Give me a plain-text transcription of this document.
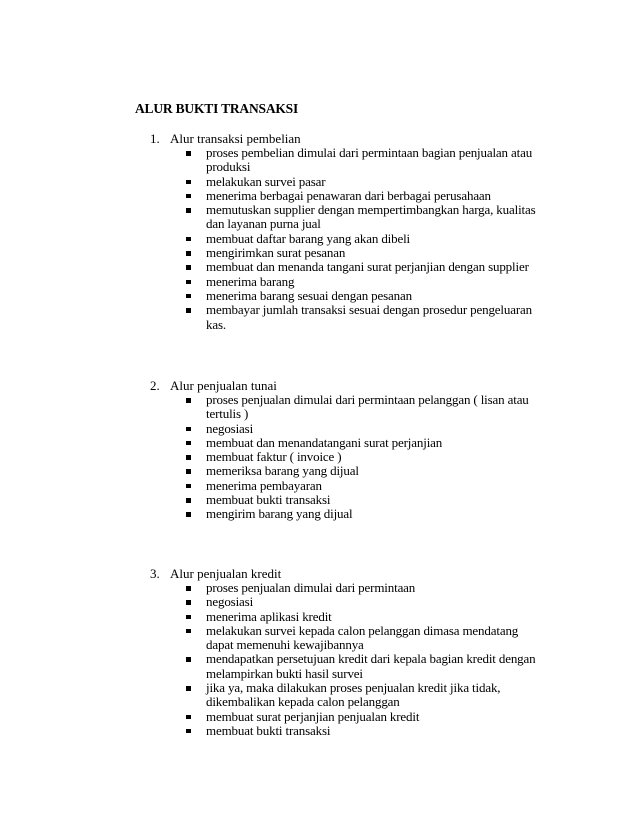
ALUR BUKTI TRANSAKSI
1. Alur transaksi pembelian
proses pembelian dimulai dari permintaan bagian penjualan atau produksi
melakukan survei pasar
menerima berbagai penawaran dari berbagai perusahaan
memutuskan supplier dengan mempertimbangkan harga, kualitas dan layanan purna jual
membuat daftar barang yang akan dibeli
mengirimkan surat pesanan
membuat dan menanda tangani surat perjanjian dengan supplier
menerima barang
menerima barang sesuai dengan pesanan
membayar jumlah transaksi sesuai dengan prosedur pengeluaran kas.
2. Alur penjualan tunai
proses penjualan dimulai dari permintaan pelanggan ( lisan atau tertulis )
negosiasi
membuat dan menandatangani surat perjanjian
membuat faktur ( invoice )
memeriksa barang yang dijual
menerima pembayaran
membuat bukti transaksi
mengirim barang yang dijual
3. Alur penjualan kredit
proses penjualan dimulai dari permintaan
negosiasi
menerima aplikasi kredit
melakukan survei kepada calon pelanggan dimasa mendatang dapat memenuhi kewajibannya
mendapatkan persetujuan kredit dari kepala bagian kredit dengan melampirkan bukti hasil survei
jika ya, maka dilakukan proses penjualan kredit jika tidak, dikembalikan kepada calon pelanggan
membuat surat perjanjian penjualan kredit
membuat bukti transaksi
